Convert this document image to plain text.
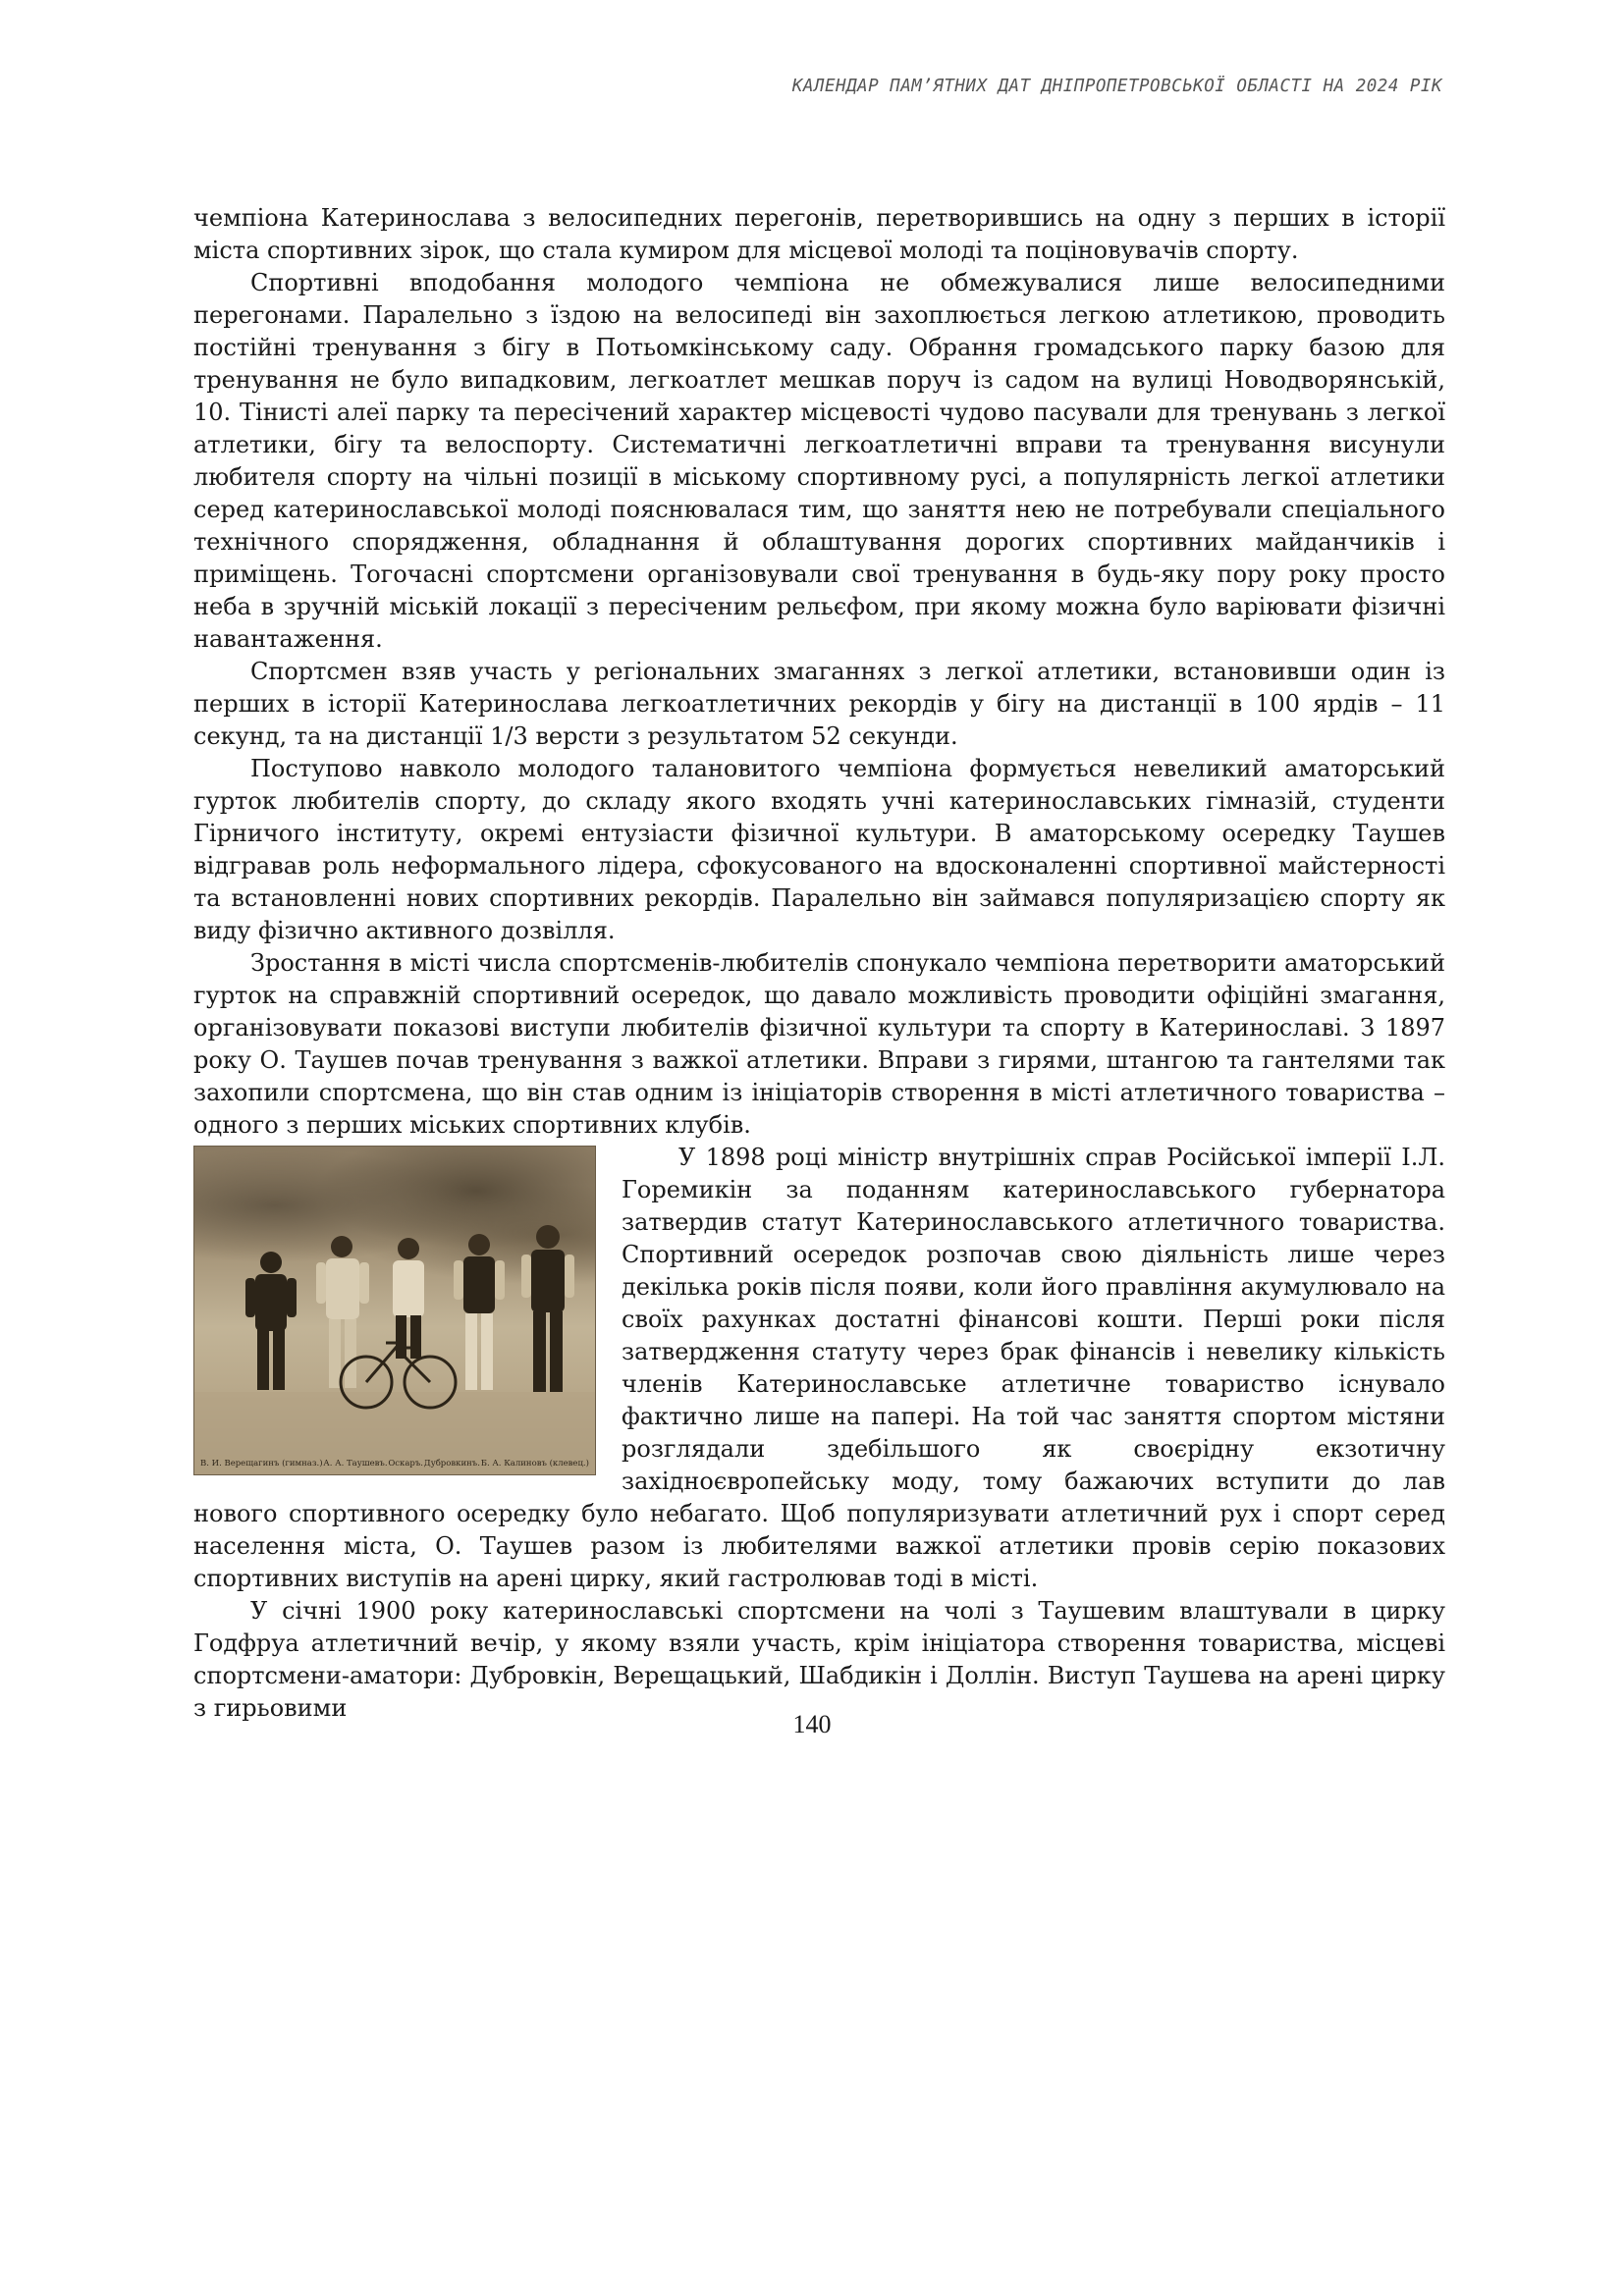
КАЛЕНДАР ПАМ’ЯТНИХ ДАТ ДНІПРОПЕТРОВСЬКОЇ ОБЛАСТІ НА 2024 РІК

чемпіона Катеринослава з велосипедних перегонів, перетворившись на одну з перших в історії міста спортивних зірок, що стала кумиром для місцевої молоді та поціновувачів спорту.

Спортивні вподобання молодого чемпіона не обмежувалися лише велосипедними перегонами. Паралельно з їздою на велосипеді він захоплюється легкою атлетикою, проводить постійні тренування з бігу в Потьомкінському саду. Обрання громадського парку базою для тренування не було випадковим, легкоатлет мешкав поруч із садом на вулиці Новодворянській, 10. Тінисті алеї парку та пересічений характер місцевості чудово пасували для тренувань з легкої атлетики, бігу та велоспорту. Систематичні легкоатлетичні вправи та тренування висунули любителя спорту на чільні позиції в міському спортивному русі, а популярність легкої атлетики серед катеринославської молоді пояснювалася тим, що заняття нею не потребували спеціального технічного спорядження, обладнання й облаштування дорогих спортивних майданчиків і приміщень. Тогочасні спортсмени організовували свої тренування в будь-яку пору року просто неба в зручній міській локації з пересіченим рельєфом, при якому можна було варіювати фізичні навантаження.

Спортсмен взяв участь у регіональних змаганнях з легкої атлетики, встановивши один із перших в історії Катеринослава легкоатлетичних рекордів у бігу на дистанції в 100 ярдів – 11 секунд, та на дистанції 1/3 версти з результатом 52 секунди.

Поступово навколо молодого талановитого чемпіона формується невеликий аматорський гурток любителів спорту, до складу якого входять учні катеринославських гімназій, студенти Гірничого інституту, окремі ентузіасти фізичної культури. В аматорському осередку Таушев відгравав роль неформального лідера, сфокусованого на вдосконаленні спортивної майстерності та встановленні нових спортивних рекордів. Паралельно він займався популяризацією спорту як виду фізично активного дозвілля.

Зростання в місті числа спортсменів-любителів спонукало чемпіона перетворити аматорський гурток на справжній спортивний осередок, що давало можливість проводити офіційні змагання, організовувати показові виступи любителів фізичної культури та спорту в Катеринославі. З 1897 року О. Таушев почав тренування з важкої атлетики. Вправи з гирями, штангою та гантелями так захопили спортсмена, що він став одним із ініціаторів створення в місті атлетичного товариства – одного з перших міських спортивних клубів.

В. И. Верещагинъ (гимназ.) А. А. Таушевъ. Оскаръ. Дубровкинъ. Б. А. Калиновъ (клевец.)

У 1898 році міністр внутрішніх справ Російської імперії І.Л. Горемикін за поданням катеринославського губернатора затвердив статут Катеринославського атлетичного товариства. Спортивний осередок розпочав свою діяльність лише через декілька років після появи, коли його правління акумулювало на своїх рахунках достатні фінансові кошти. Перші роки після затвердження статуту через брак фінансів і невелику кількість членів Катеринославське атлетичне товариство існувало фактично лише на папері. На той час заняття спортом містяни розглядали здебільшого як своєрідну екзотичну західноєвропейську моду, тому бажаючих вступити до лав нового спортивного осередку було небагато. Щоб популяризувати атлетичний рух і спорт серед населення міста, О. Таушев разом із любителями важкої атлетики провів серію показових спортивних виступів на арені цирку, який гастролював тоді в місті.

У січні 1900 року катеринославські спортсмени на чолі з Таушевим влаштували в цирку Годфруа атлетичний вечір, у якому взяли участь, крім ініціатора створення товариства, місцеві спортсмени-аматори: Дубровкін, Верещацький, Шабдикін і Доллін. Виступ Таушева на арені цирку з гирьовими

140
